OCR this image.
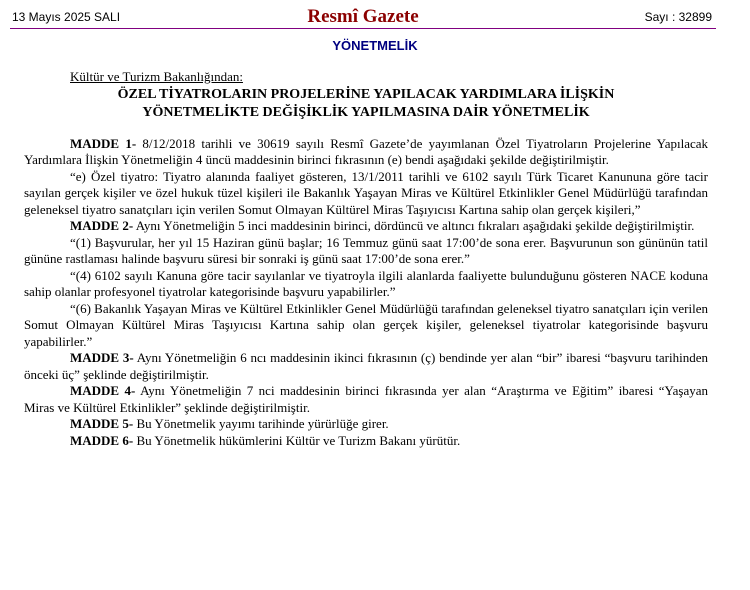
13 Mayıs 2025 SALI	Resmî Gazete	Sayı : 32899
YÖNETMELİK
Kültür ve Turizm Bakanlığından:
ÖZEL TİYATROLARIN PROJELERİNE YAPILACAK YARDIMLARA İLİŞKİN
YÖNETMELİKTE DEĞİŞİKLİK YAPILMASINA DAİR YÖNETMELİK

MADDE 1- 8/12/2018 tarihli ve 30619 sayılı Resmî Gazete’de yayımlanan Özel Tiyatroların Projelerine Yapılacak Yardımlara İlişkin Yönetmeliğin 4 üncü maddesinin birinci fıkrasının (e) bendi aşağıdaki şekilde değiştirilmiştir.

“e) Özel tiyatro: Tiyatro alanında faaliyet gösteren, 13/1/2011 tarihli ve 6102 sayılı Türk Ticaret Kanununa göre tacir sayılan gerçek kişiler ve özel hukuk tüzel kişileri ile Bakanlık Yaşayan Miras ve Kültürel Etkinlikler Genel Müdürlüğü tarafından geleneksel tiyatro sanatçıları için verilen Somut Olmayan Kültürel Miras Taşıyıcısı Kartına sahip olan gerçek kişileri,”

MADDE 2- Aynı Yönetmeliğin 5 inci maddesinin birinci, dördüncü ve altıncı fıkraları aşağıdaki şekilde değiştirilmiştir.

“(1) Başvurular, her yıl 15 Haziran günü başlar; 16 Temmuz günü saat 17:00’de sona erer. Başvurunun son gününün tatil gününe rastlaması halinde başvuru süresi bir sonraki iş günü saat 17:00’de sona erer.”

“(4) 6102 sayılı Kanuna göre tacir sayılanlar ve tiyatroyla ilgili alanlarda faaliyette bulunduğunu gösteren NACE koduna sahip olanlar profesyonel tiyatrolar kategorisinde başvuru yapabilirler.”

“(6) Bakanlık Yaşayan Miras ve Kültürel Etkinlikler Genel Müdürlüğü tarafından geleneksel tiyatro sanatçıları için verilen Somut Olmayan Kültürel Miras Taşıyıcısı Kartına sahip olan gerçek kişiler, geleneksel tiyatrolar kategorisinde başvuru yapabilirler.”

MADDE 3- Aynı Yönetmeliğin 6 ncı maddesinin ikinci fıkrasının (ç) bendinde yer alan “bir” ibaresi “başvuru tarihinden önceki üç” şeklinde değiştirilmiştir.

MADDE 4- Aynı Yönetmeliğin 7 nci maddesinin birinci fıkrasında yer alan “Araştırma ve Eğitim” ibaresi “Yaşayan Miras ve Kültürel Etkinlikler” şeklinde değiştirilmiştir.

MADDE 5- Bu Yönetmelik yayımı tarihinde yürürlüğe girer.

MADDE 6- Bu Yönetmelik hükümlerini Kültür ve Turizm Bakanı yürütür.
